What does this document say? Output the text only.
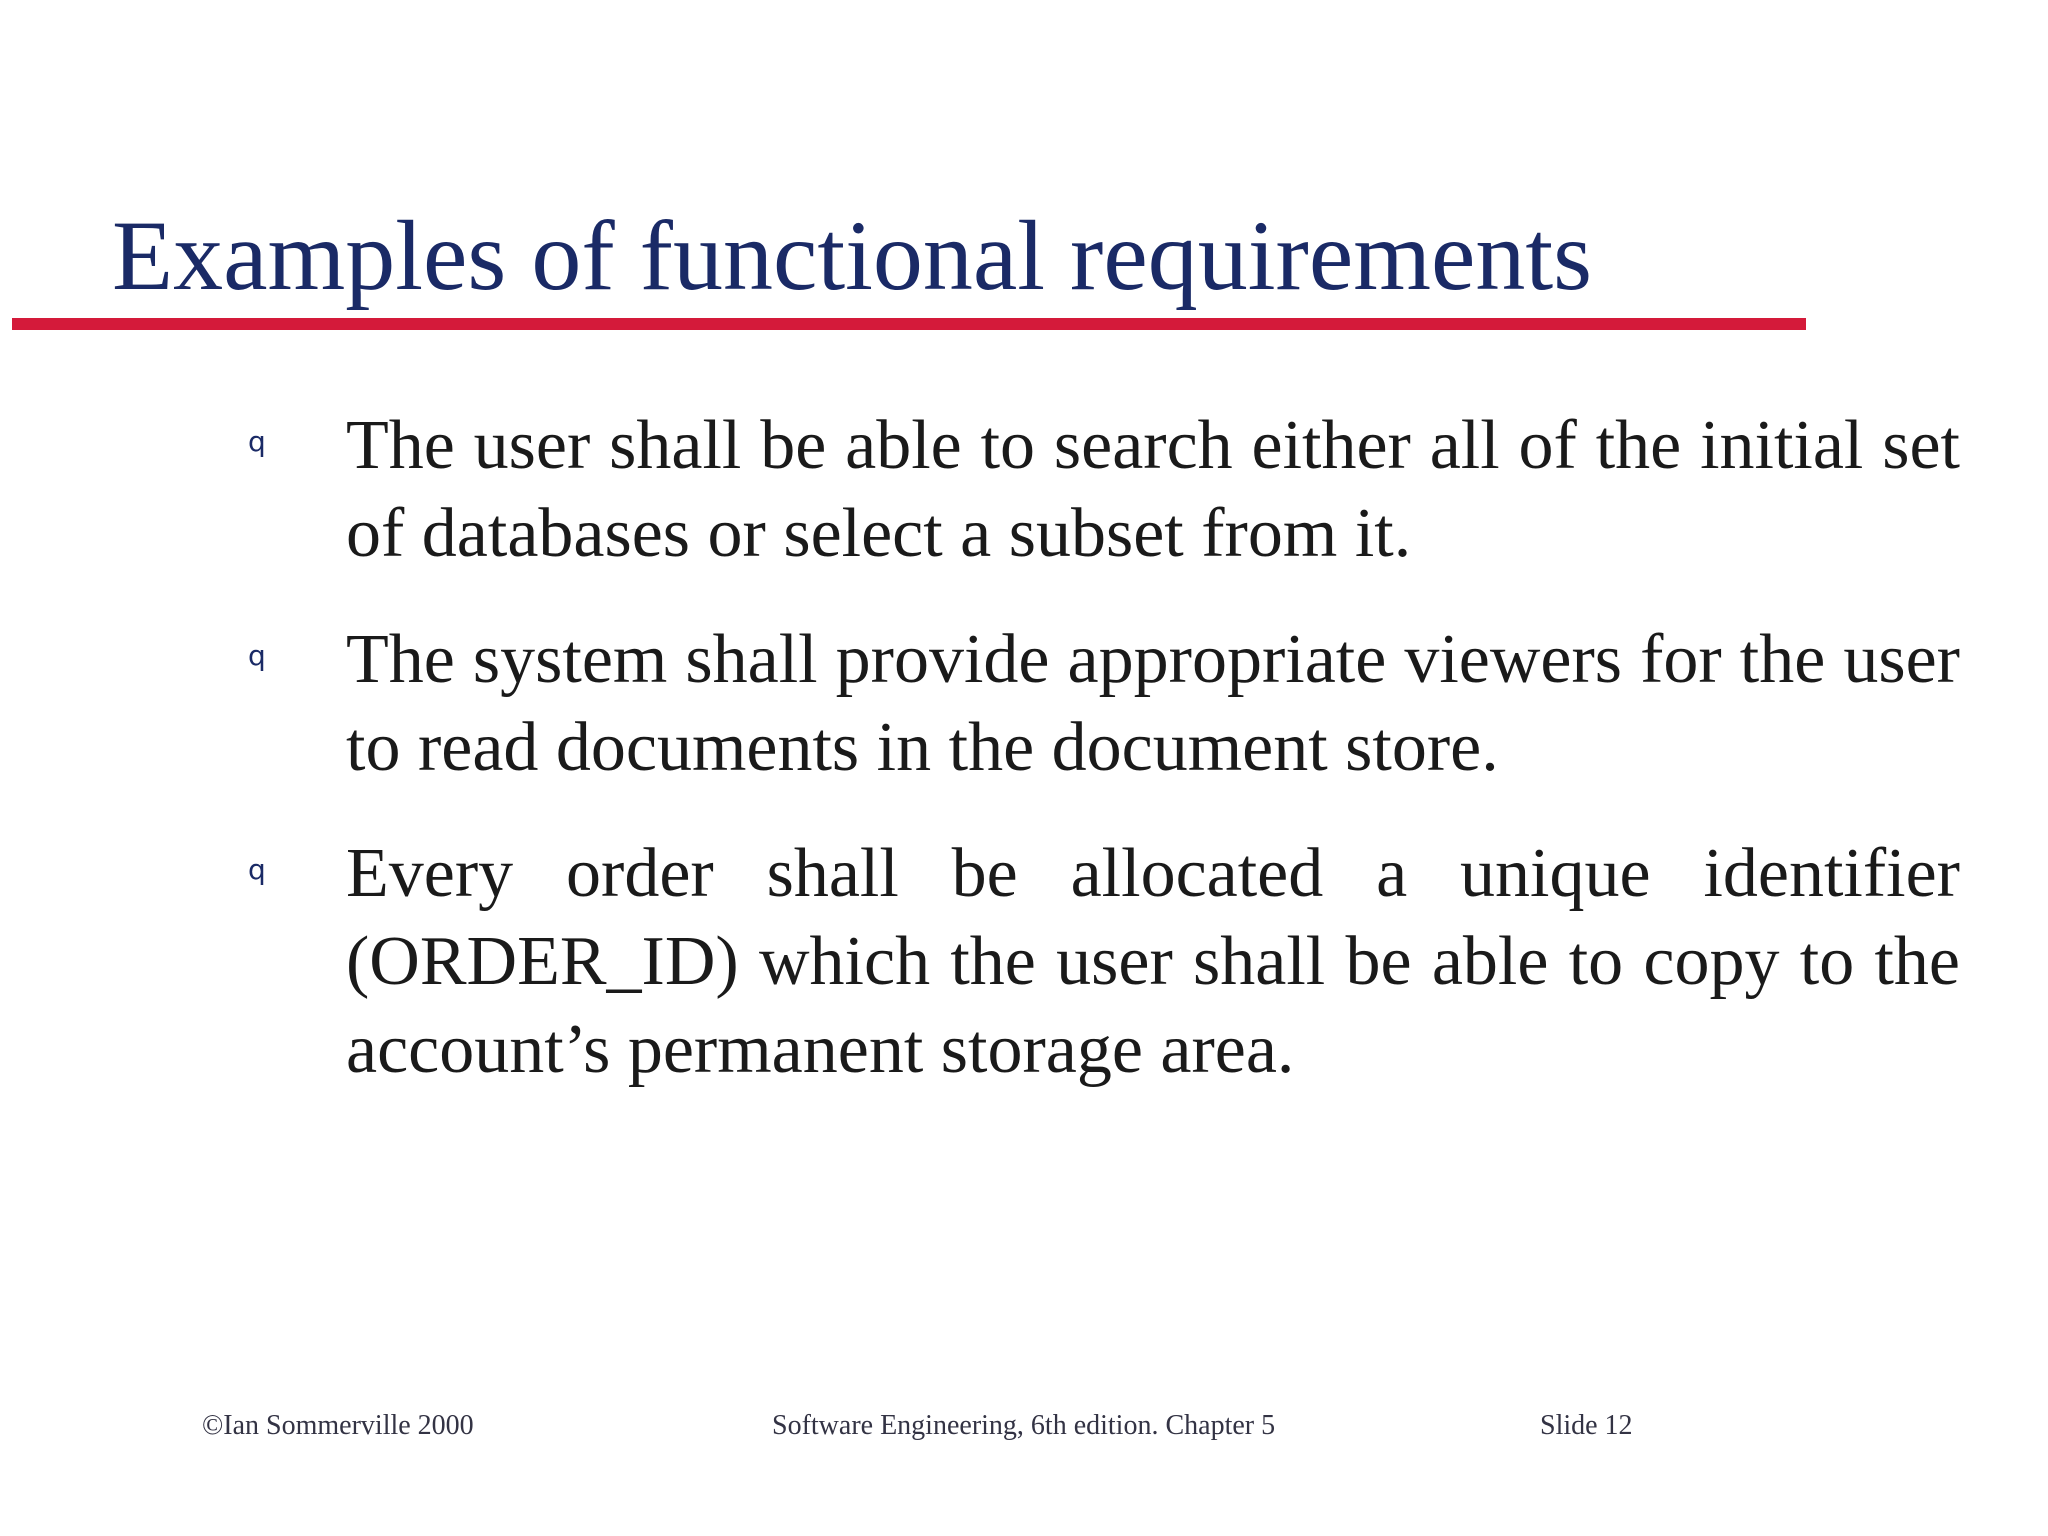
Examples of functional requirements
q The user shall be able to search either all of the initial set of databases or select a subset from it.
q The system shall provide appropriate viewers for the user to read documents in the document store.
q Every order shall be allocated a unique identifier (ORDER_ID) which the user shall be able to copy to the account’s permanent storage area.
©Ian Sommerville 2000	Software Engineering, 6th edition. Chapter 5	Slide 12
